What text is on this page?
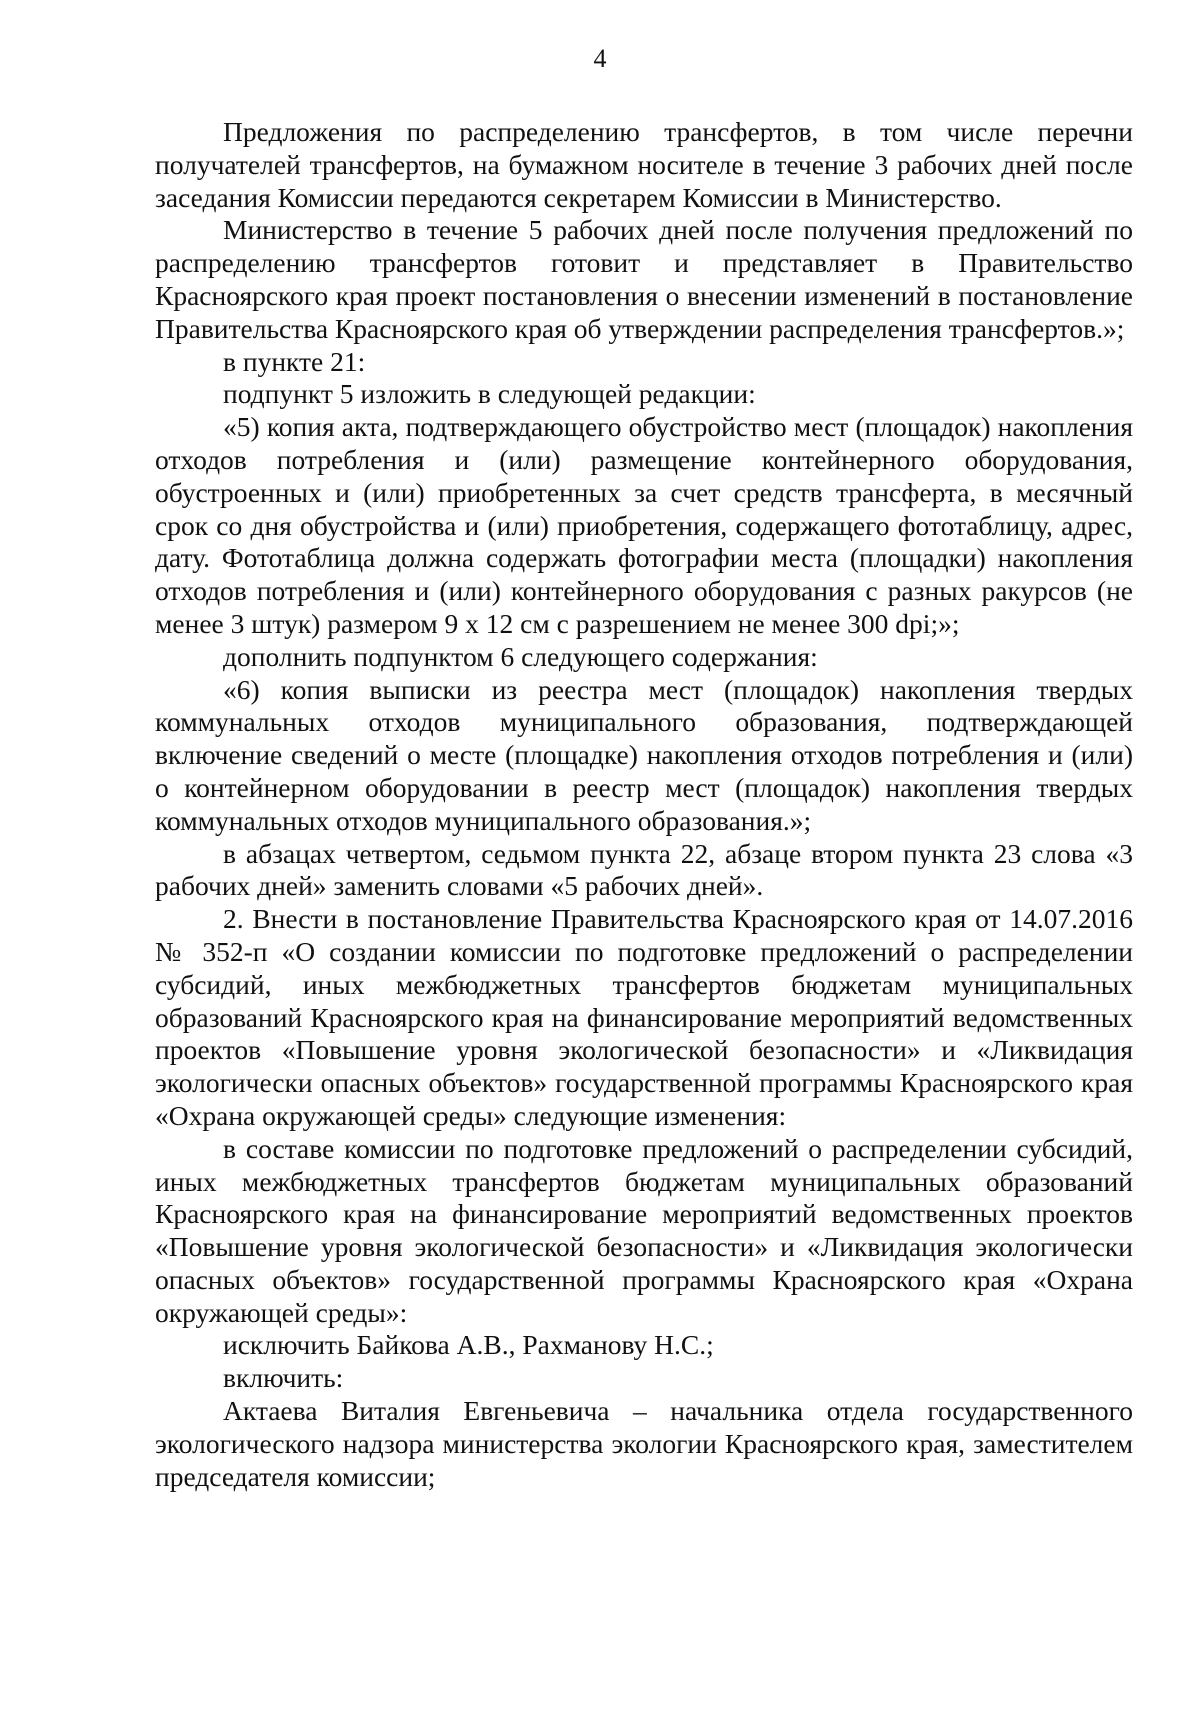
4

Предложения по распределению трансфертов, в том числе перечни получателей трансфертов, на бумажном носителе в течение 3 рабочих дней после заседания Комиссии передаются секретарем Комиссии в Министерство.

Министерство в течение 5 рабочих дней после получения предложений по распределению трансфертов готовит и представляет в Правительство Красноярского края проект постановления о внесении изменений в постановление Правительства Красноярского края об утверждении распределения трансфертов.»;

в пункте 21:

подпункт 5 изложить в следующей редакции:

«5) копия акта, подтверждающего обустройство мест (площадок) накопления отходов потребления и (или) размещение контейнерного оборудования, обустроенных и (или) приобретенных за счет средств трансферта, в месячный срок со дня обустройства и (или) приобретения, содержащего фототаблицу, адрес, дату. Фототаблица должна содержать фотографии места (площадки) накопления отходов потребления и (или) контейнерного оборудования с разных ракурсов (не менее 3 штук) размером 9 х 12 см с разрешением не менее 300 dpi;»;

дополнить подпунктом 6 следующего содержания:

«6) копия выписки из реестра мест (площадок) накопления твердых коммунальных отходов муниципального образования, подтверждающей включение сведений о месте (площадке) накопления отходов потребления и (или) о контейнерном оборудовании в реестр мест (площадок) накопления твердых коммунальных отходов муниципального образования.»;

в абзацах четвертом, седьмом пункта 22, абзаце втором пункта 23 слова «3 рабочих дней» заменить словами «5 рабочих дней».

2. Внести в постановление Правительства Красноярского края от 14.07.2016 № 352-п «О создании комиссии по подготовке предложений о распределении субсидий, иных межбюджетных трансфертов бюджетам муниципальных образований Красноярского края на финансирование мероприятий ведомственных проектов «Повышение уровня экологической безопасности» и «Ликвидация экологически опасных объектов» государственной программы Красноярского края «Охрана окружающей среды» следующие изменения:

в составе комиссии по подготовке предложений о распределении субсидий, иных межбюджетных трансфертов бюджетам муниципальных образований Красноярского края на финансирование мероприятий ведомственных проектов «Повышение уровня экологической безопасности» и «Ликвидация экологически опасных объектов» государственной программы Красноярского края «Охрана окружающей среды»:

исключить Байкова А.В., Рахманову Н.С.;

включить:

Актаева Виталия Евгеньевича – начальника отдела государственного экологического надзора министерства экологии Красноярского края, заместителем председателя комиссии;
